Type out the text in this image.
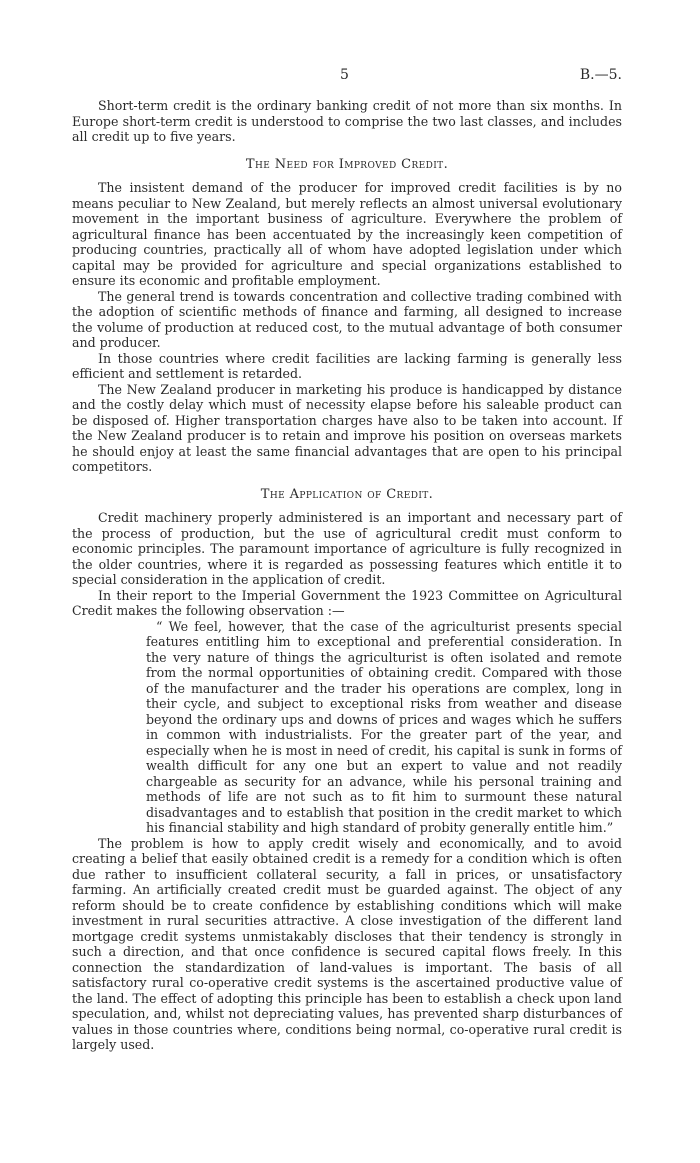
5	B.—5.

Short-term credit is the ordinary banking credit of not more than six months. In Europe short-term credit is understood to comprise the two last classes, and includes all credit up to five years.

The Need for Improved Credit.

The insistent demand of the producer for improved credit facilities is by no means peculiar to New Zealand, but merely reflects an almost universal evolutionary movement in the important business of agriculture. Everywhere the problem of agricultural finance has been accentuated by the increasingly keen competition of producing countries, practically all of whom have adopted legislation under which capital may be provided for agriculture and special organizations established to ensure its economic and profitable employment.

The general trend is towards concentration and collective trading combined with the adoption of scientific methods of finance and farming, all designed to increase the volume of production at reduced cost, to the mutual advantage of both consumer and producer.

In those countries where credit facilities are lacking farming is generally less efficient and settlement is retarded.

The New Zealand producer in marketing his produce is handicapped by distance and the costly delay which must of necessity elapse before his saleable product can be disposed of. Higher transportation charges have also to be taken into account. If the New Zealand producer is to retain and improve his position on overseas markets he should enjoy at least the same financial advantages that are open to his principal competitors.

The Application of Credit.

Credit machinery properly administered is an important and necessary part of the process of production, but the use of agricultural credit must conform to economic principles. The paramount importance of agriculture is fully recognized in the older countries, where it is regarded as possessing features which entitle it to special consideration in the application of credit.

In their report to the Imperial Government the 1923 Committee on Agricultural Credit makes the following observation :—

“ We feel, however, that the case of the agriculturist presents special features entitling him to exceptional and preferential consideration. In the very nature of things the agriculturist is often isolated and remote from the normal opportunities of obtaining credit. Compared with those of the manufacturer and the trader his operations are complex, long in their cycle, and subject to exceptional risks from weather and disease beyond the ordinary ups and downs of prices and wages which he suffers in common with industrialists. For the greater part of the year, and especially when he is most in need of credit, his capital is sunk in forms of wealth difficult for any one but an expert to value and not readily chargeable as security for an advance, while his personal training and methods of life are not such as to fit him to surmount these natural disadvantages and to establish that position in the credit market to which his financial stability and high standard of probity generally entitle him.”

The problem is how to apply credit wisely and economically, and to avoid creating a belief that easily obtained credit is a remedy for a condition which is often due rather to insufficient collateral security, a fall in prices, or unsatisfactory farming. An artificially created credit must be guarded against. The object of any reform should be to create confidence by establishing conditions which will make investment in rural securities attractive. A close investigation of the different land mortgage credit systems unmistakably discloses that their tendency is strongly in such a direction, and that once confidence is secured capital flows freely. In this connection the standardization of land-values is important. The basis of all satisfactory rural co-operative credit systems is the ascertained productive value of the land. The effect of adopting this principle has been to establish a check upon land speculation, and, whilst not depreciating values, has prevented sharp disturbances of values in those countries where, conditions being normal, co-operative rural credit is largely used.
